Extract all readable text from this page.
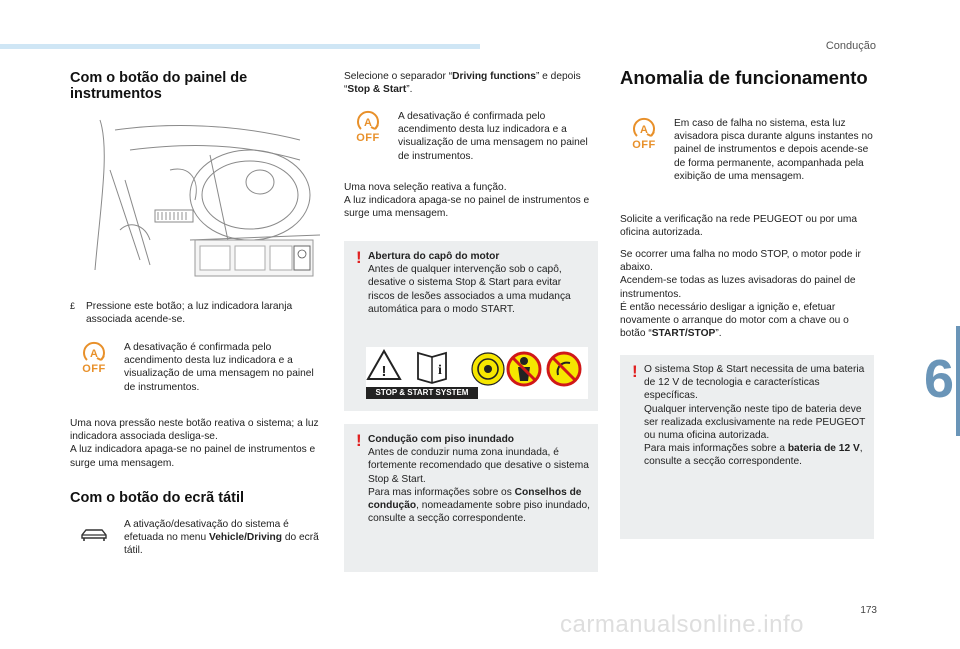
Condução
6
173
carmanualsonline.info
Com o botão do painel de instrumentos
£	Pressione este botão; a luz indicadora laranja associada acende-se.

A
OFF

A desativação é confirmada pelo acendimento desta luz indicadora e a visualização de uma mensagem no painel de instrumentos.

Uma nova pressão neste botão reativa o sistema; a luz indicadora associada desliga-se.

A luz indicadora apaga-se no painel de instrumentos e surge uma mensagem.

Com o botão do ecrã tátil

A ativação/desativação do sistema é efetuada no menu Vehicle/Driving do ecrã tátil.

Selecione o separador “Driving functions” e depois “Stop & Start”.

A
OFF

A desativação é confirmada pelo acendimento desta luz indicadora e a visualização de uma mensagem no painel de instrumentos.

Uma nova seleção reativa a função.

A luz indicadora apaga-se no painel de instrumentos e surge uma mensagem.

! Abertura do capô do motor

Antes de qualquer intervenção sob o capô, desative o sistema Stop & Start para evitar riscos de lesões associados a uma mudança automática para o modo START.

!	i
STOP & START SYSTEM
! Condução com piso inundado

Antes de conduzir numa zona inundada, é fortemente recomendado que desative o sistema Stop & Start.

Para mas informações sobre os Conselhos de condução, nomeadamente sobre piso inundado, consulte a secção correspondente.

Anomalia de funcionamento
A
OFF

Em caso de falha no sistema, esta luz avisadora pisca durante alguns instantes no painel de instrumentos e depois acende-se de forma permanente, acompanhada pela exibição de uma mensagem.

Solicite a verificação na rede PEUGEOT ou por uma oficina autorizada.

Se ocorrer uma falha no modo STOP, o motor pode ir abaixo.

Acendem-se todas as luzes avisadoras do painel de instrumentos.

É então necessário desligar a ignição e, efetuar novamente o arranque do motor com a chave ou o botão “START/STOP”.

! O sistema Stop & Start necessita de uma bateria de 12 V de tecnologia e características específicas.

Qualquer intervenção neste tipo de bateria deve ser realizada exclusivamente na rede PEUGEOT ou numa oficina autorizada.

Para mais informações sobre a bateria de 12 V, consulte a secção correspondente.
